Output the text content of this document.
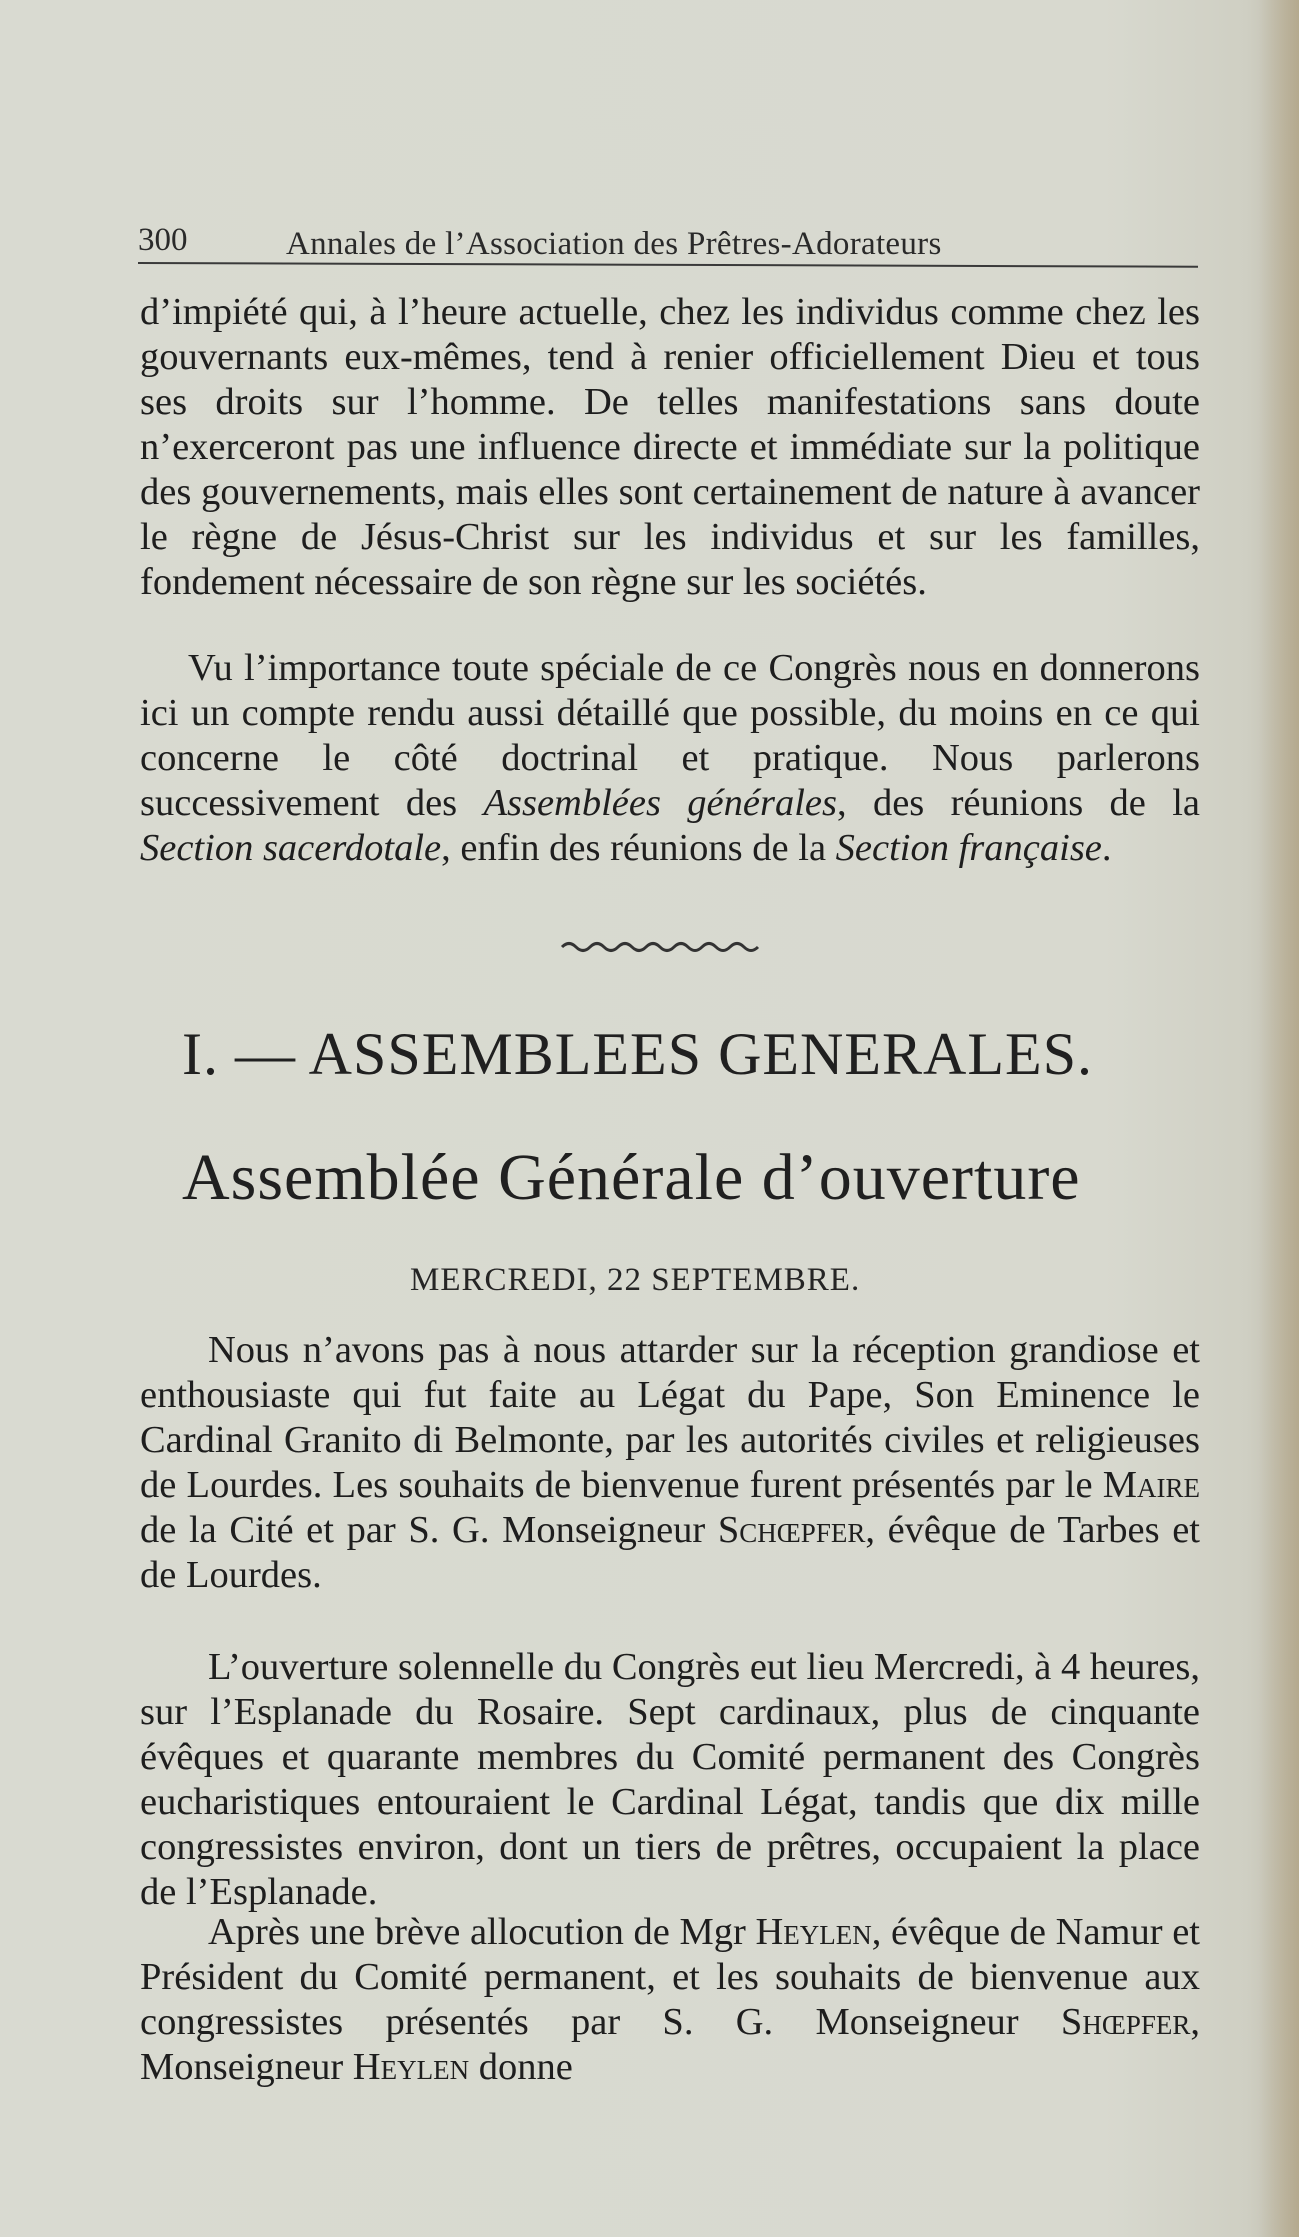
300	Annales de l’Association des Prêtres-Adorateurs

d’impiété qui, à l’heure actuelle, chez les individus comme chez les gouvernants eux-mêmes, tend à renier officiellement Dieu et tous ses droits sur l’homme. De telles manifestations sans doute n’exerceront pas une influence directe et immédiate sur la politique des gouvernements, mais elles sont certainement de nature à avancer le règne de Jésus-Christ sur les individus et sur les familles, fondement nécessaire de son règne sur les sociétés.

Vu l’importance toute spéciale de ce Congrès nous en donnerons ici un compte rendu aussi détaillé que possible, du moins en ce qui concerne le côté doctrinal et pratique. Nous parlerons successivement des Assemblées générales, des réunions de la Section sacerdotale, enfin des réunions de la Section française.

I. — ASSEMBLEES GENERALES.
Assemblée Générale d’ouverture
MERCREDI, 22 SEPTEMBRE.

Nous n’avons pas à nous attarder sur la réception grandiose et enthousiaste qui fut faite au Légat du Pape, Son Eminence le Cardinal Granito di Belmonte, par les autorités civiles et religieuses de Lourdes. Les souhaits de bienvenue furent présentés par le Maire de la Cité et par S. G. Monseigneur Schœpfer, évêque de Tarbes et de Lourdes.

L’ouverture solennelle du Congrès eut lieu Mercredi, à 4 heures, sur l’Esplanade du Rosaire. Sept cardinaux, plus de cinquante évêques et quarante membres du Comité permanent des Congrès eucharistiques entouraient le Cardinal Légat, tandis que dix mille congressistes environ, dont un tiers de prêtres, occupaient la place de l’Esplanade.

Après une brève allocution de Mgr Heylen, évêque de Namur et Président du Comité permanent, et les souhaits de bienvenue aux congressistes présentés par S. G. Monseigneur Shœpfer, Monseigneur Heylen donne
